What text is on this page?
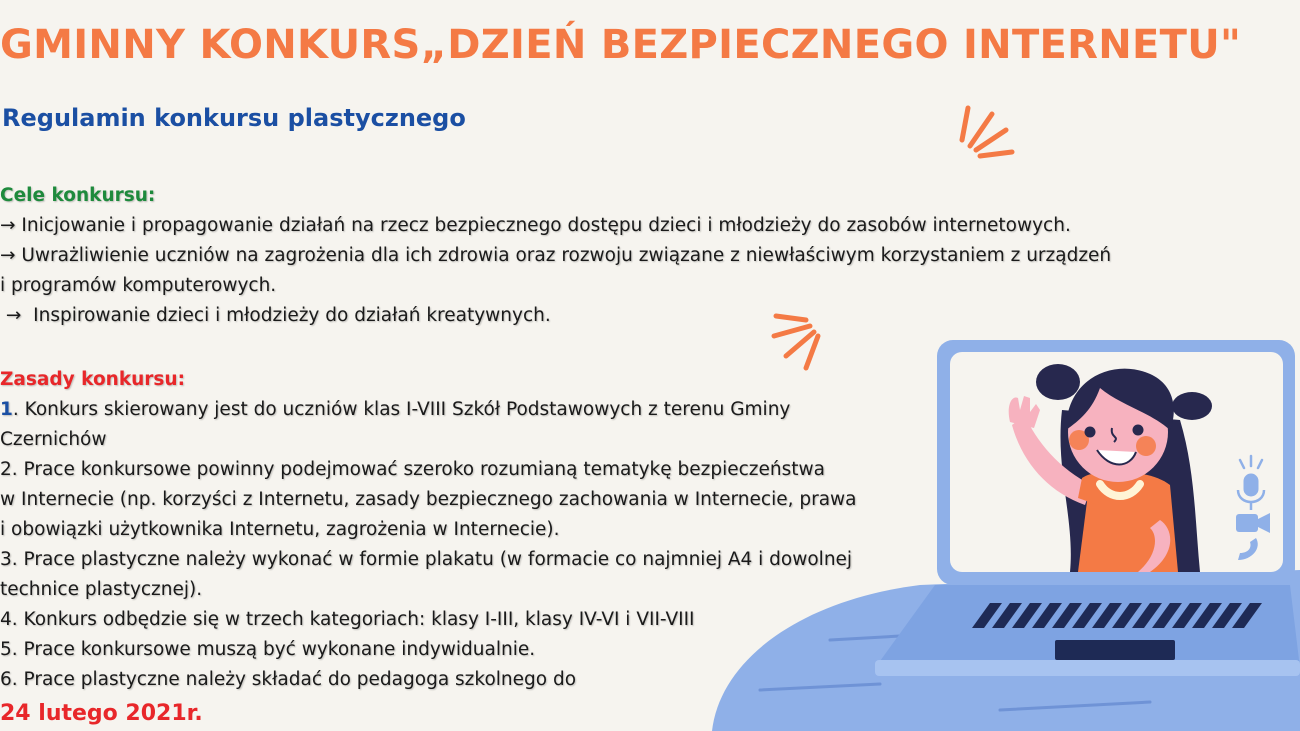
GMINNY KONKURS„DZIEŃ BEZPIECZNEGO INTERNETU"
Regulamin konkursu plastycznego
Cele konkursu:
→ Inicjowanie i propagowanie działań na rzecz bezpiecznego dostępu dzieci i młodzieży do zasobów internetowych.
→ Uwrażliwienie uczniów na zagrożenia dla ich zdrowia oraz rozwoju związane z niewłaściwym korzystaniem z urządzeń
i programów komputerowych.
→  Inspirowanie dzieci i młodzieży do działań kreatywnych.
Zasady konkursu:
1. Konkurs skierowany jest do uczniów klas I-VIII Szkół Podstawowych z terenu Gminy
Czernichów
2. Prace konkursowe powinny podejmować szeroko rozumianą tematykę bezpieczeństwa
w Internecie (np. korzyści z Internetu, zasady bezpiecznego zachowania w Internecie, prawa
i obowiązki użytkownika Internetu, zagrożenia w Internecie).
3. Prace plastyczne należy wykonać w formie plakatu (w formacie co najmniej A4 i dowolnej
technice plastycznej).
4. Konkurs odbędzie się w trzech kategoriach: klasy I-III, klasy IV-VI i VII-VIII
5. Prace konkursowe muszą być wykonane indywidualnie.
6. Prace plastyczne należy składać do pedagoga szkolnego do
24 lutego 2021r.
